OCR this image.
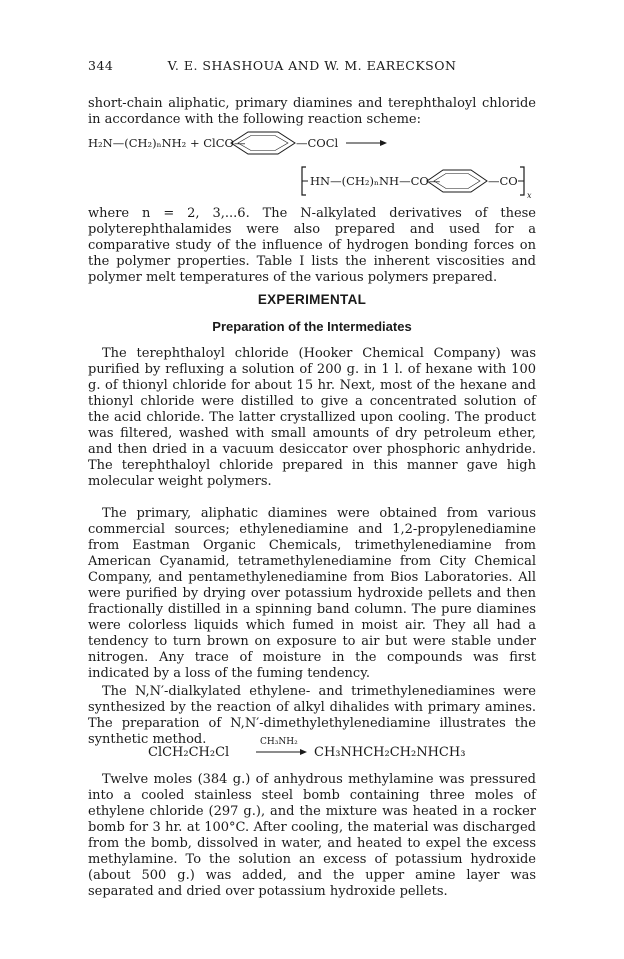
344	V. E. SHASHOUA AND W. M. EARECKSON

short-chain aliphatic, primary diamines and terephthaloyl chloride in accordance with the following reaction scheme:

H₂N—(CH₂)ₙNH₂ + ClCO—	—COCl
HN—(CH₂)ₙNH—CO—	—CO
x

where n = 2, 3,...6. The N-alkylated derivatives of these polyterephthalamides were also prepared and used for a comparative study of the influence of hydrogen bonding forces on the polymer properties. Table I lists the inherent viscosities and polymer melt temperatures of the various polymers prepared.

EXPERIMENTAL
Preparation of the Intermediates

The terephthaloyl chloride (Hooker Chemical Company) was purified by refluxing a solution of 200 g. in 1 l. of hexane with 100 g. of thionyl chloride for about 15 hr. Next, most of the hexane and thionyl chloride were distilled to give a concentrated solution of the acid chloride. The latter crystallized upon cooling. The product was filtered, washed with small amounts of dry petroleum ether, and then dried in a vacuum desiccator over phosphoric anhydride. The terephthaloyl chloride prepared in this manner gave high molecular weight polymers.

The primary, aliphatic diamines were obtained from various commercial sources; ethylenediamine and 1,2-propylenediamine from Eastman Organic Chemicals, trimethylenediamine from American Cyanamid, tetramethylenediamine from City Chemical Company, and pentamethylenediamine from Bios Laboratories. All were purified by drying over potassium hydroxide pellets and then fractionally distilled in a spinning band column. The pure diamines were colorless liquids which fumed in moist air. They all had a tendency to turn brown on exposure to air but were stable under nitrogen. Any trace of moisture in the compounds was first indicated by a loss of the fuming tendency.

The N,N′-dialkylated ethylene- and trimethylenediamines were synthesized by the reaction of alkyl dihalides with primary amines. The preparation of N,N′-dimethylethylenediamine illustrates the synthetic method.

ClCH₂CH₂Cl
CH₃NH₂
CH₃NHCH₂CH₂NHCH₃

Twelve moles (384 g.) of anhydrous methylamine was pressured into a cooled stainless steel bomb containing three moles of ethylene chloride (297 g.), and the mixture was heated in a rocker bomb for 3 hr. at 100°C. After cooling, the material was discharged from the bomb, dissolved in water, and heated to expel the excess methylamine. To the solution an excess of potassium hydroxide (about 500 g.) was added, and the upper amine layer was separated and dried over potassium hydroxide pellets.
